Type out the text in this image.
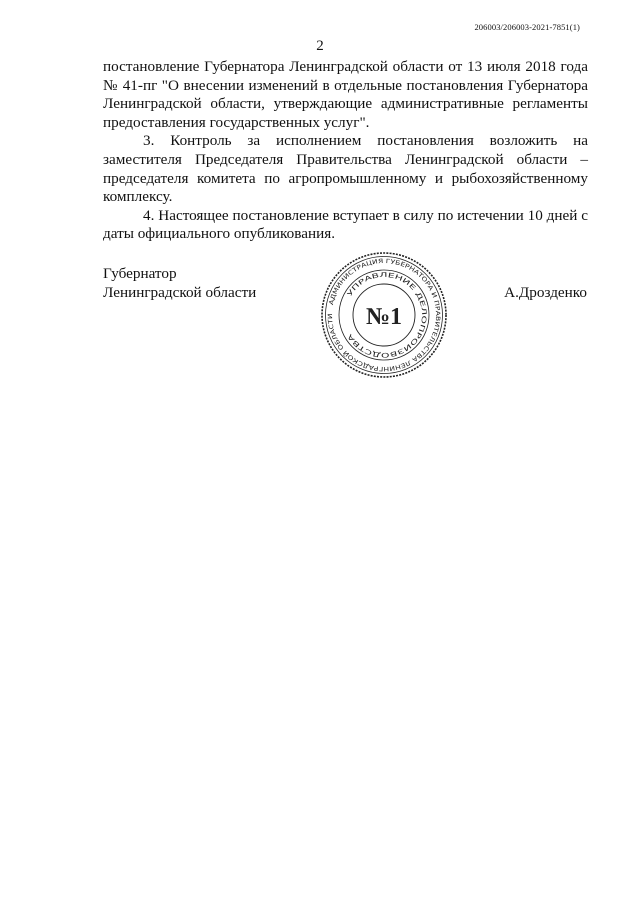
206003/206003-2021-7851(1)
2

постановление Губернатора Ленинградской области от 13 июля 2018 года № 41-пг "О внесении изменений в отдельные постановления Губернатора Ленинградской области, утверждающие административные регламенты предоставления государственных услуг".

3. Контроль за исполнением постановления возложить на заместителя Председателя Правительства Ленинградской области – председателя комитета по агропромышленному и рыбохозяйственному комплексу.

4. Настоящее постановление вступает в силу по истечении 10 дней с даты официального опубликования.

Губернатор
Ленинградской области	А.Дрозденко
АДМИНИСТРАЦИЯ ГУБЕРНАТОРА И ПРАВИТЕЛЬСТВА ЛЕНИНГРАДСКОЙ ОБЛАСТИ
УПРАВЛЕНИЕ ДЕЛОПРОИЗВОДСТВА
№1
